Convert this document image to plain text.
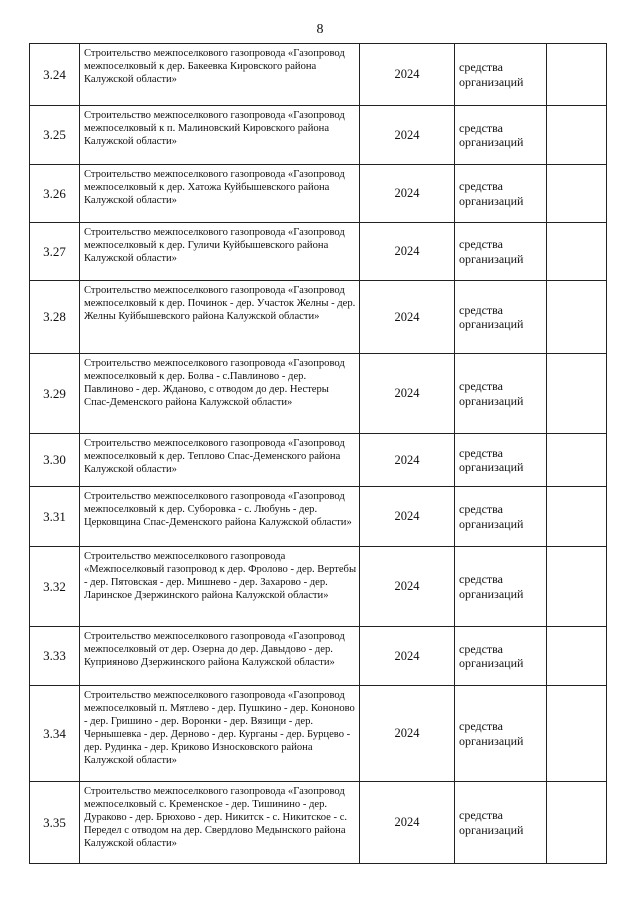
8
3.24	Строительство межпоселкового газопровода «Газопровод межпоселковый к дер. Бакеевка Кировского района Калужской области»	2024	средства организаций	
3.25	Строительство межпоселкового газопровода «Газопровод межпоселковый к п. Малиновский Кировского района Калужской области»	2024	средства организаций	
3.26	Строительство межпоселкового газопровода «Газопровод межпоселковый к дер. Хатожа Куйбышевского района Калужской области»	2024	средства организаций	
3.27	Строительство межпоселкового газопровода «Газопровод межпоселковый к дер. Гуличи Куйбышевского района Калужской области»	2024	средства организаций	
3.28	Строительство межпоселкового газопровода «Газопровод межпоселковый к дер. Починок - дер. Участок Желны - дер. Желны Куйбышевского района Калужской области»	2024	средства организаций	
3.29	Строительство межпоселкового газопровода «Газопровод межпоселковый к дер. Болва - с.Павлиново - дер. Павлиново - дер. Жданово, с отводом до дер. Нестеры Спас-Деменского района Калужской области»	2024	средства организаций	
3.30	Строительство межпоселкового газопровода «Газопровод межпоселковый к дер. Теплово Спас-Деменского района Калужской области»	2024	средства организаций	
3.31	Строительство межпоселкового газопровода «Газопровод межпоселковый к дер. Суборовка - с. Любунь - дер. Церковщина Спас-Деменского района Калужской области»	2024	средства организаций	
3.32	Строительство межпоселкового газопровода «Межпоселковый газопровод к дер. Фролово - дер. Вертебы - дер. Пятовская - дер. Мишнево - дер. Захарово - дер. Ларинское Дзержинского района Калужской области»	2024	средства организаций	
3.33	Строительство межпоселкового газопровода «Газопровод межпоселковый от дер. Озерна до дер. Давыдово - дер. Куприяново Дзержинского района Калужской области»	2024	средства организаций	
3.34	Строительство межпоселкового газопровода «Газопровод межпоселковый п. Мятлево - дер. Пушкино - дер. Кононово - дер. Гришино - дер. Воронки - дер. Вязищи - дер. Чернышевка - дер. Дерново - дер. Курганы - дер. Бурцево - дер. Рудинка - дер. Криково Износковского района Калужской области»	2024	средства организаций	
3.35	Строительство межпоселкового газопровода «Газопровод межпоселковый с. Кременское - дер. Тишинино - дер. Дураково - дер. Брюхово - дер. Никитск - с. Никитское - с. Передел с отводом на дер. Свердлово Медынского района Калужской области»	2024	средства организаций	
